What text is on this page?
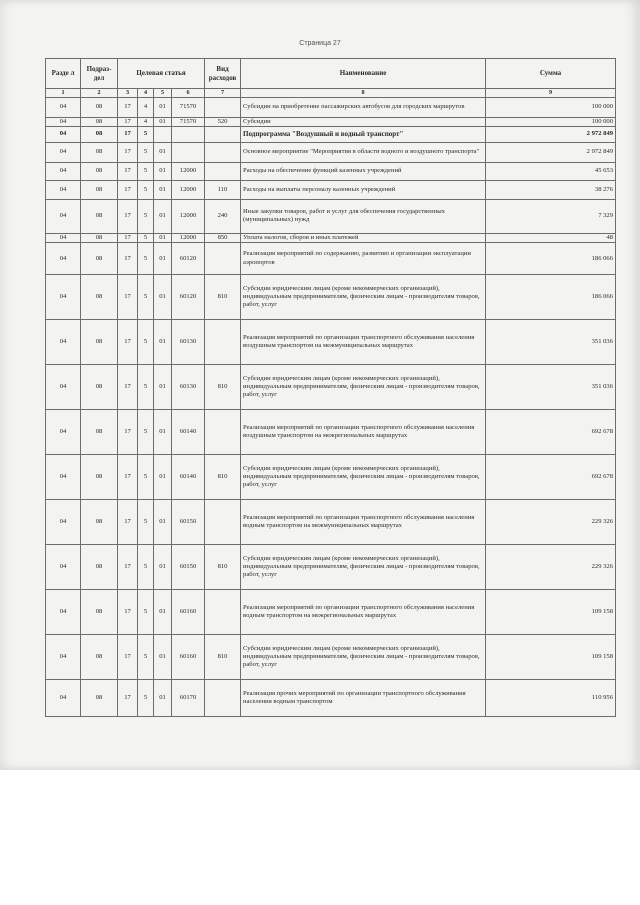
Страница 27
Разде л	Подраз- дел	Целевая статья				Вид расходов	Наименование	Сумма
1	2	3	4	5	6	7	8	9
04	08	17	4	01	71570		Субсидии на приобретение пассажирских автобусов для городских маршрутов	100 000
04	08	17	4	01	71570	520	Субсидии	100 000
04	08	17	5				Подпрограмма "Воздушный и водный транспорт"	2 972 849
04	08	17	5	01			Основное мероприятие "Мероприятия в области водного и воздушного транспорта"	2 972 849
04	08	17	5	01	12000		Расходы на обеспечение функций казенных учреждений	45 653
04	08	17	5	01	12000	110	Расходы на выплаты персоналу казенных учреждений	38 276
04	08	17	5	01	12000	240	Иные закупки товаров, работ и услуг для обеспечения государственных (муниципальных) нужд	7 329
04	08	17	5	01	12000	850	Уплата налогов, сборов и иных платежей	48
04	08	17	5	01	60120		Реализация мероприятий по содержанию, развитию и организации эксплуатации аэропортов	186 066
04	08	17	5	01	60120	810	Субсидии юридическим лицам (кроме некоммерческих организаций), индивидуальным предпринимателям, физическим лицам - производителям товаров, работ, услуг	186 066
04	08	17	5	01	60130		Реализация мероприятий по организации транспортного обслуживания населения воздушным транспортом на межмуниципальных маршрутах	351 036
04	08	17	5	01	60130	810	Субсидии юридическим лицам (кроме некоммерческих организаций), индивидуальным предпринимателям, физическим лицам - производителям товаров, работ, услуг	351 036
04	08	17	5	01	60140		Реализация мероприятий по организации транспортного обслуживания населения воздушным транспортом на межрегиональных маршрутах	692 678
04	08	17	5	01	60140	810	Субсидии юридическим лицам (кроме некоммерческих организаций), индивидуальным предпринимателям, физическим лицам - производителям товаров, работ, услуг	692 678
04	08	17	5	01	60150		Реализация мероприятий по организации транспортного обслуживания населения водным транспортом на межмуниципальных маршрутах	229 326
04	08	17	5	01	60150	810	Субсидии юридическим лицам (кроме некоммерческих организаций), индивидуальным предпринимателям, физическим лицам - производителям товаров, работ, услуг	229 326
04	08	17	5	01	60160		Реализация мероприятий по организации транспортного обслуживания населения водным транспортом на межрегиональных маршрутах	109 158
04	08	17	5	01	60160	810	Субсидии юридическим лицам (кроме некоммерческих организаций), индивидуальным предпринимателям, физическим лицам - производителям товаров, работ, услуг	109 158
04	08	17	5	01	60170		Реализация прочих мероприятий по организации транспортного обслуживания населения водным транспортом	110 956
